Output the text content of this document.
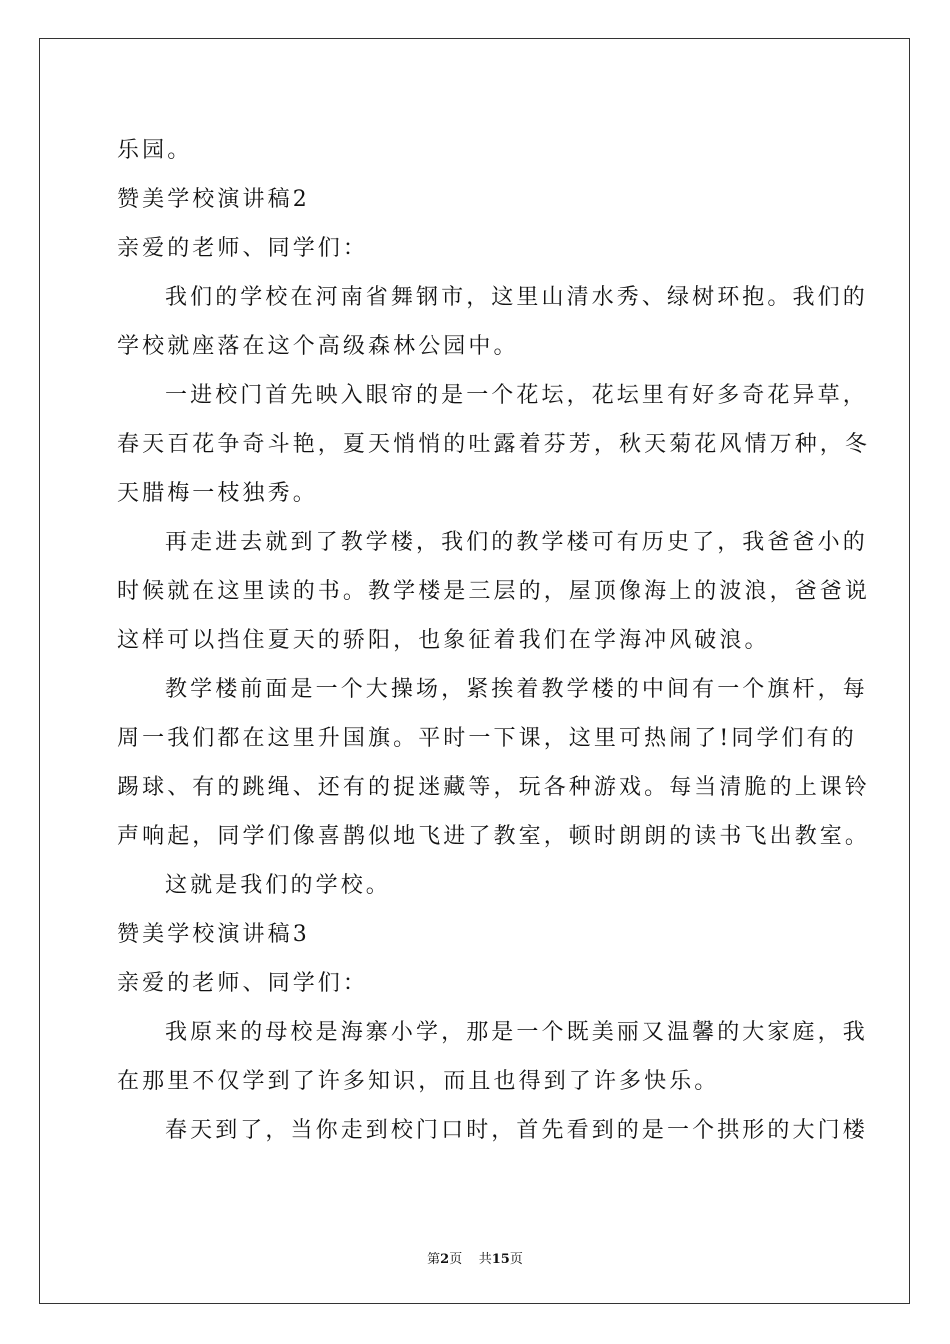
乐园。
赞美学校演讲稿2
亲爱的老师、同学们：
我们的学校在河南省舞钢市，这里山清水秀、绿树环抱。我们的
学校就座落在这个高级森林公园中。
一进校门首先映入眼帘的是一个花坛，花坛里有好多奇花异草，
春天百花争奇斗艳，夏天悄悄的吐露着芬芳，秋天菊花风情万种，冬
天腊梅一枝独秀。
再走进去就到了教学楼，我们的教学楼可有历史了，我爸爸小的
时候就在这里读的书。教学楼是三层的，屋顶像海上的波浪，爸爸说
这样可以挡住夏天的骄阳，也象征着我们在学海冲风破浪。
教学楼前面是一个大操场，紧挨着教学楼的中间有一个旗杆，每
周一我们都在这里升国旗。平时一下课，这里可热闹了!同学们有的
踢球、有的跳绳、还有的捉迷藏等，玩各种游戏。每当清脆的上课铃
声响起，同学们像喜鹊似地飞进了教室，顿时朗朗的读书飞出教室。
这就是我们的学校。
赞美学校演讲稿3
亲爱的老师、同学们：
我原来的母校是海寨小学，那是一个既美丽又温馨的大家庭，我
在那里不仅学到了许多知识，而且也得到了许多快乐。
春天到了，当你走到校门口时，首先看到的是一个拱形的大门楼
第2页 共15页
